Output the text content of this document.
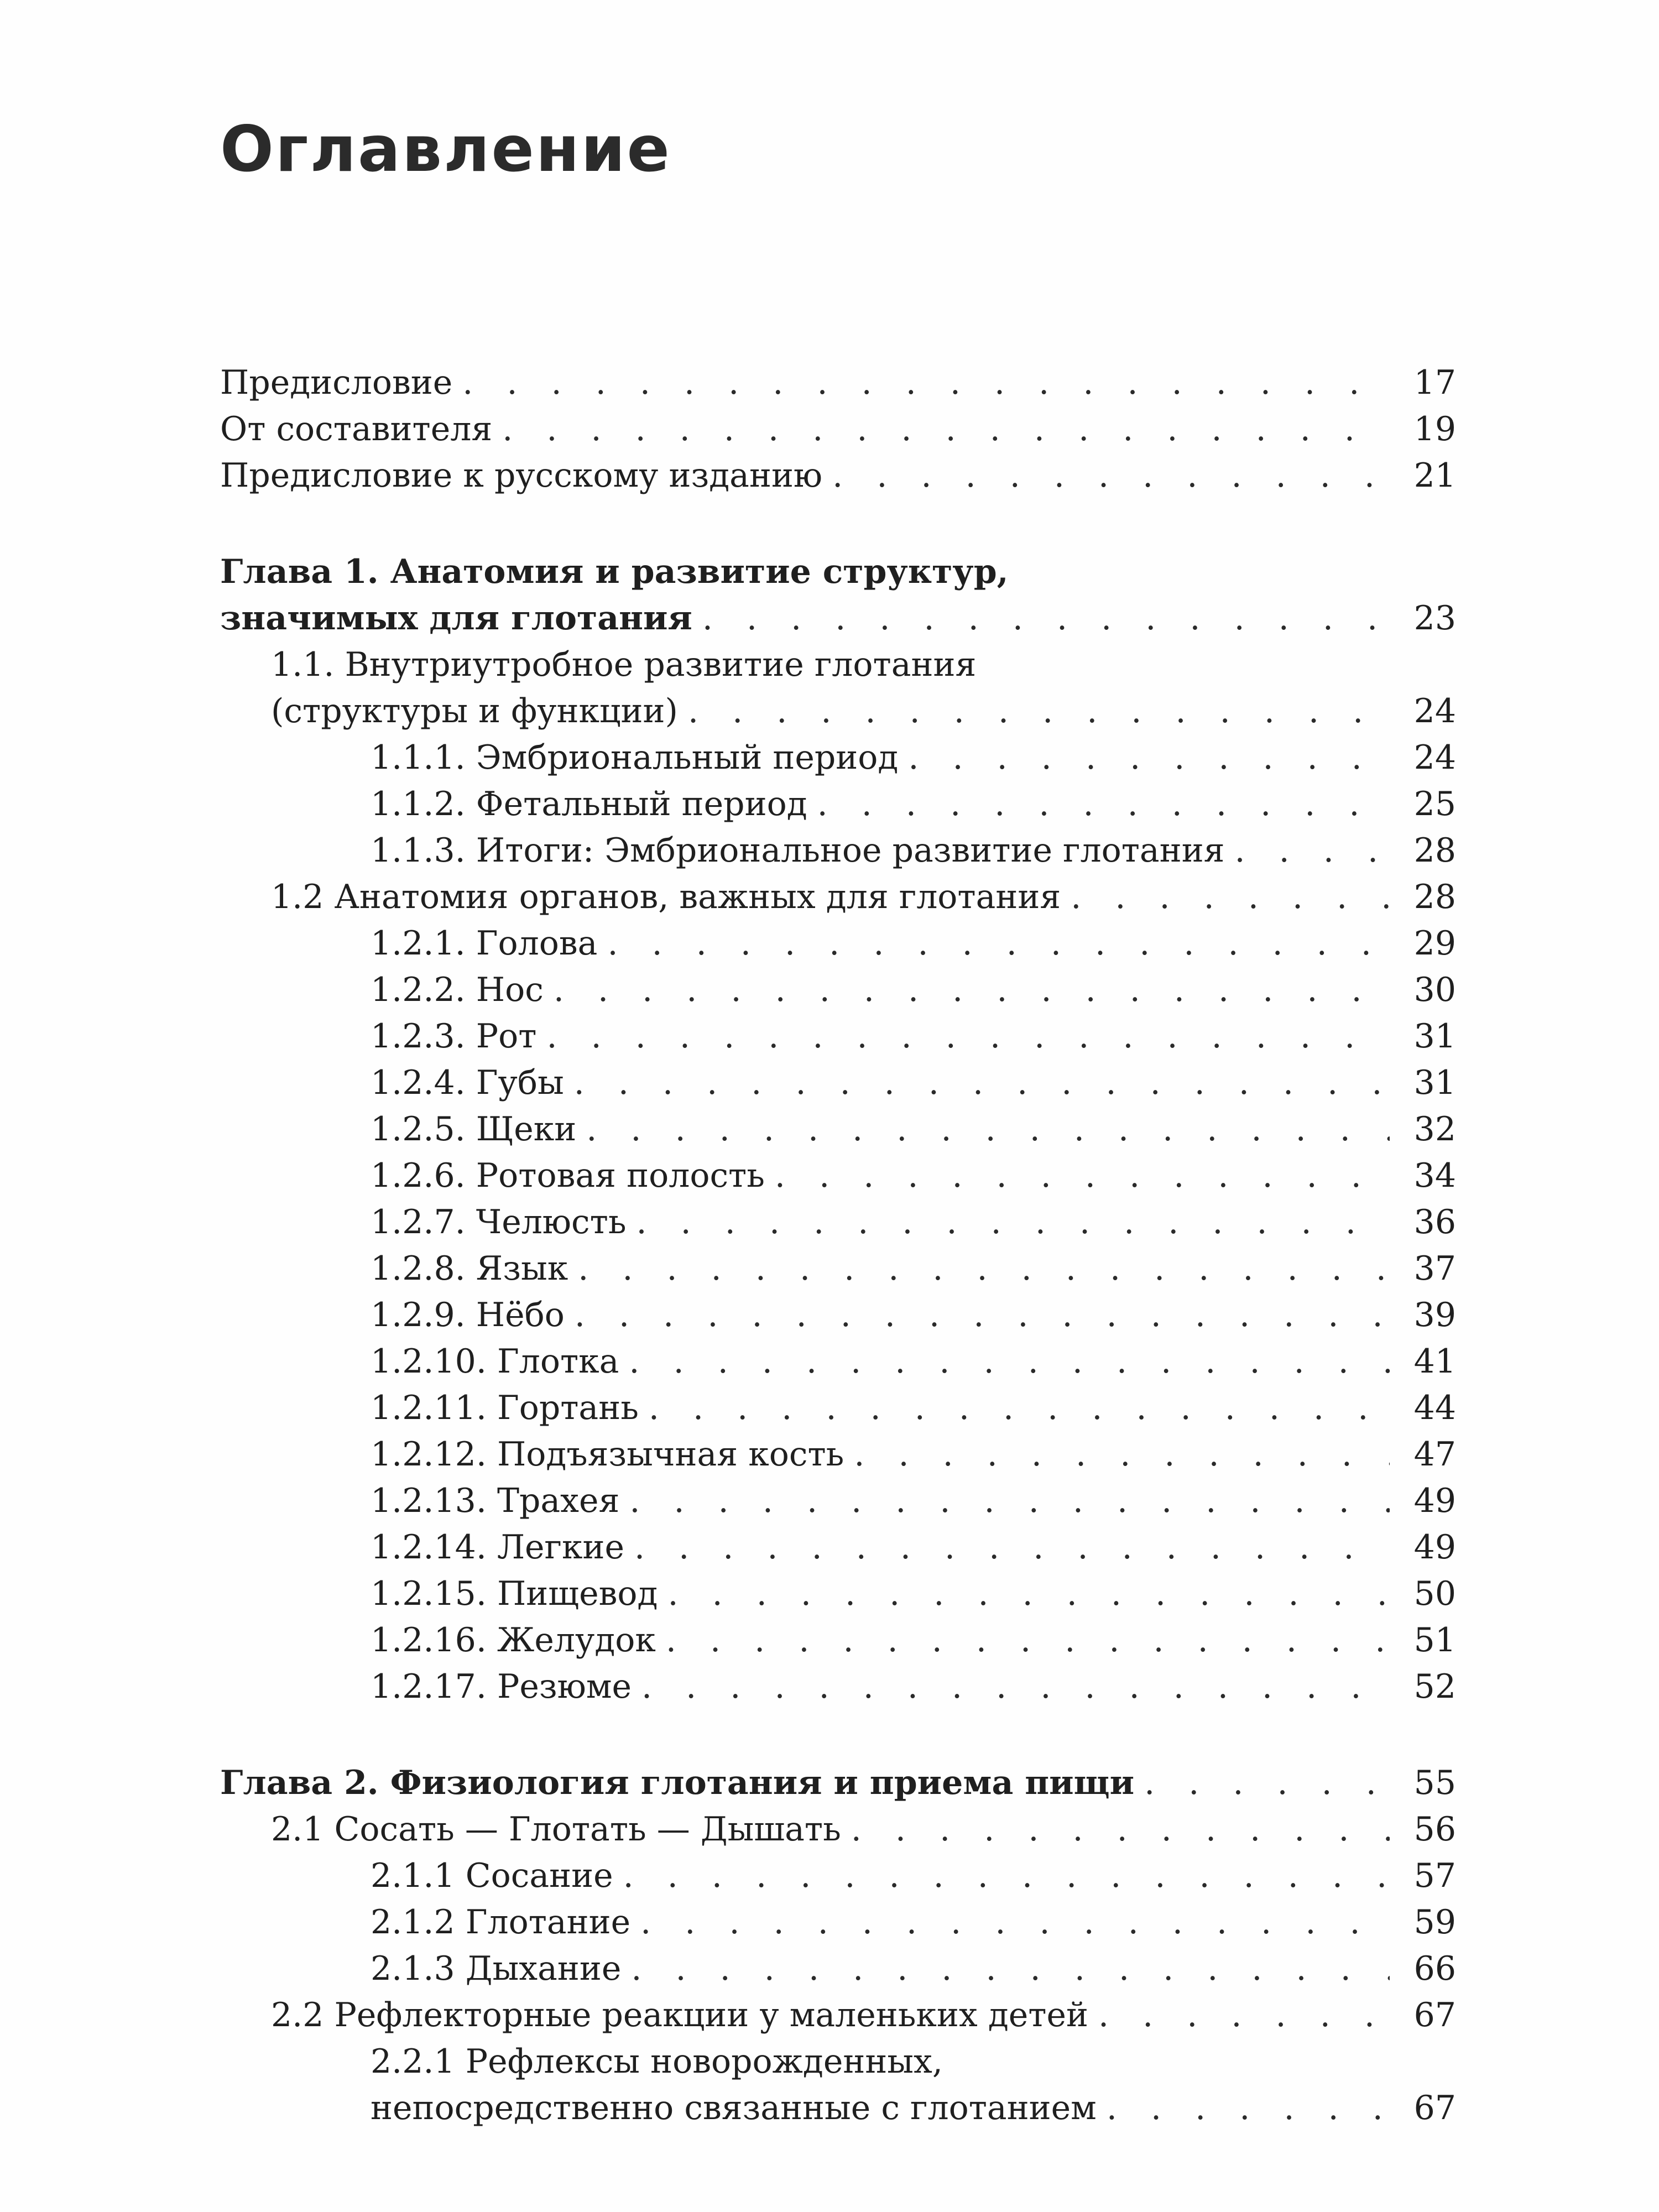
Оглавление
Предисловие . . .	17
От составителя . . .	19
Предисловие к русскому изданию . . .	21
Глава 1. Анатомия и развитие структур,
значимых для глотания . . .	23
1.1. Внутриутробное развитие глотания
(структуры и функции) . . .	24
1.1.1. Эмбриональный период . . .	24
1.1.2. Фетальный период . . .	25
1.1.3. Итоги: Эмбриональное развитие глотания . . .	28
1.2 Анатомия органов, важных для глотания . . .	28
1.2.1. Голова . . .	29
1.2.2. Нос . . .	30
1.2.3. Рот . . .	31
1.2.4. Губы . . .	31
1.2.5. Щеки . . .	32
1.2.6. Ротовая полость . . .	34
1.2.7. Челюсть . . .	36
1.2.8. Язык . . .	37
1.2.9. Нёбо . . .	39
1.2.10. Глотка . . .	41
1.2.11. Гортань . . .	44
1.2.12. Подъязычная кость . . .	47
1.2.13. Трахея . . .	49
1.2.14. Легкие . . .	49
1.2.15. Пищевод . . .	50
1.2.16. Желудок . . .	51
1.2.17. Резюме . . .	52
Глава 2. Физиология глотания и приема пищи . . .	55
2.1 Сосать — Глотать — Дышать . . .	56
2.1.1 Сосание . . .	57
2.1.2 Глотание . . .	59
2.1.3 Дыхание . . .	66
2.2 Рефлекторные реакции у маленьких детей . . .	67
2.2.1 Рефлексы новорожденных,
непосредственно связанные с глотанием . . .	67
